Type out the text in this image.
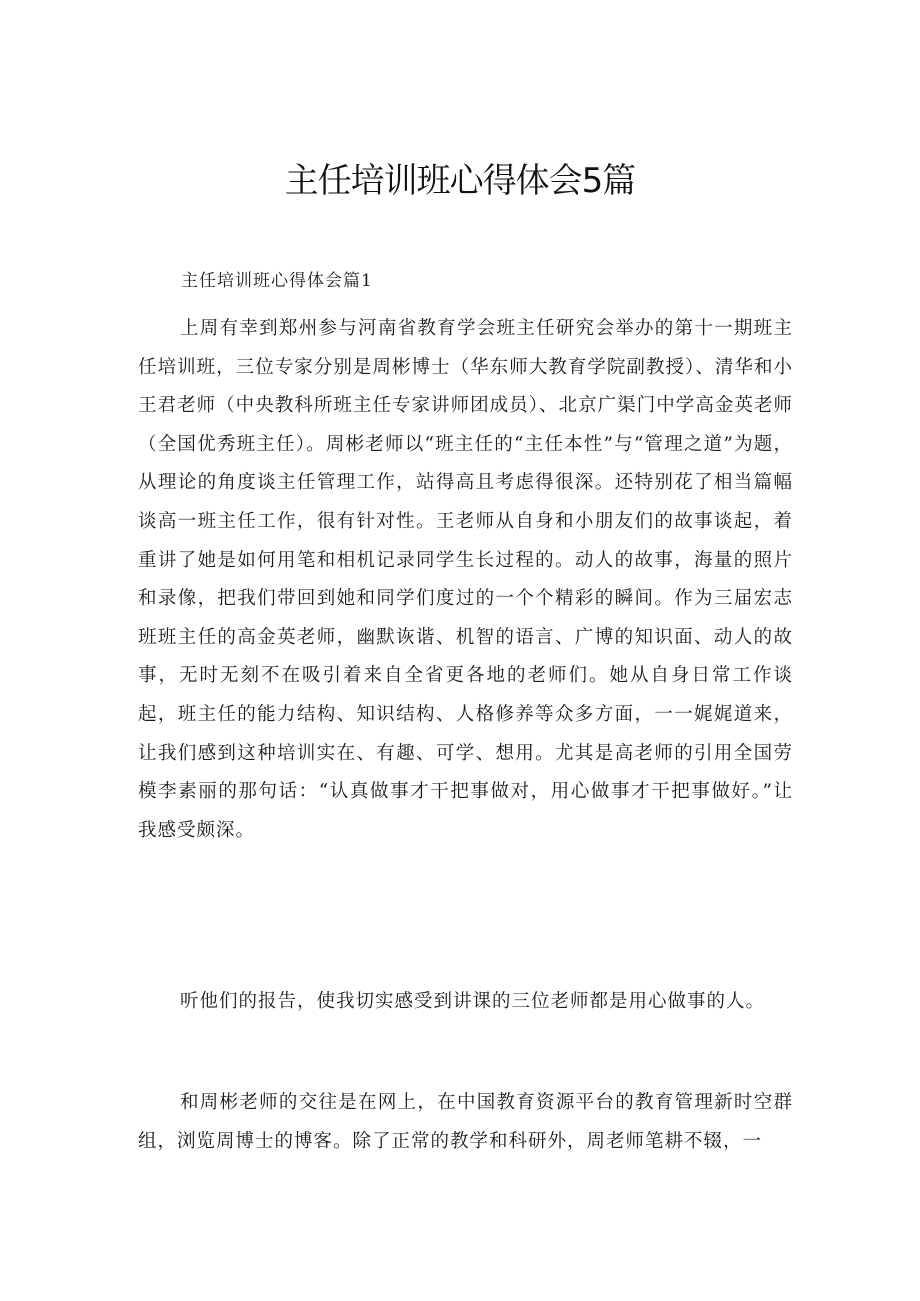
主任培训班心得体会5篇
主任培训班心得体会篇1

上周有幸到郑州参与河南省教育学会班主任研究会举办的第十一期班主任培训班，三位专家分别是周彬博士（华东师大教育学院副教授）、清华和小王君老师（中央教科所班主任专家讲师团成员）、北京广渠门中学高金英老师（全国优秀班主任）。周彬老师以“班主任的“主任本性”与“管理之道”为题，从理论的角度谈主任管理工作，站得高且考虑得很深。还特别花了相当篇幅谈高一班主任工作，很有针对性。王老师从自身和小朋友们的故事谈起，着重讲了她是如何用笔和相机记录同学生长过程的。动人的故事，海量的照片和录像，把我们带回到她和同学们度过的一个个精彩的瞬间。作为三届宏志班班主任的高金英老师，幽默诙谐、机智的语言、广博的知识面、动人的故事，无时无刻不在吸引着来自全省更各地的老师们。她从自身日常工作谈起，班主任的能力结构、知识结构、人格修养等众多方面，一一娓娓道来，让我们感到这种培训实在、有趣、可学、想用。尤其是高老师的引用全国劳模李素丽的那句话：“认真做事才干把事做对，用心做事才干把事做好。”让我感受颇深。

听他们的报告，使我切实感受到讲课的三位老师都是用心做事的人。

和周彬老师的交往是在网上，在中国教育资源平台的教育管理新时空群组，浏览周博士的博客。除了正常的教学和科研外，周老师笔耕不辍，一
